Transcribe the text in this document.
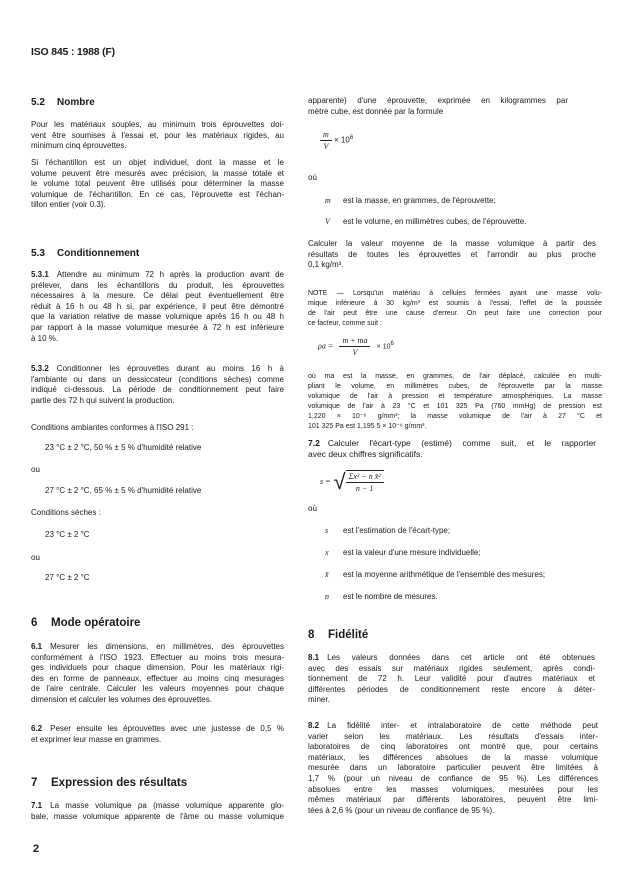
ISO 845 : 1988 (F)
5.2 Nombre
Pour les matériaux souples, au minimum trois éprouvettes doi-
vent être soumises à l'essai et, pour les matériaux rigides, au
minimum cinq éprouvettes.
Si l'échantillon est un objet individuel, dont la masse et le
volume peuvent être mesurés avec précision, la masse totale et
le volume total peuvent être utilisés pour déterminer la masse
volumique de l'échantillon. En ce cas, l'éprouvette est l'échan-
tillon entier (voir 0.3).
5.3 Conditionnement
5.3.1 Attendre au minimum 72 h après la production avant de
prélever, dans les échantillons du produit, les éprouvettes
nécessaires à la mesure. Ce délai peut éventuellement être
réduit à 16 h ou 48 h si, par expérience, il peut être démontré
que la variation relative de masse volumique après 16 h ou 48 h
par rapport à la masse volumique mesurée à 72 h est inférieure
à 10 %.
5.3.2 Conditionner les éprouvettes durant au moins 16 h à
l'ambiante ou dans un dessiccateur (conditions sèches) comme
indiqué ci-dessous. La période de conditionnement peut faire
partie des 72 h qui suivent la production.
Conditions ambiantes conformes à l'ISO 291 :
23 °C ± 2 °C, 50 % ± 5 % d'humidité relative
ou
27 °C ± 2 °C, 65 % ± 5 % d'humidité relative
Conditions sèches :
23 °C ± 2 °C
ou
27 °C ± 2 °C
6 Mode opératoire
6.1 Mesurer les dimensions, en millimètres, des éprouvettes
conformément à l'ISO 1923. Effectuer au moins trois mesura-
ges individuels pour chaque dimension. Pour les matériaux rigi-
des en forme de panneaux, effectuer au moins cinq mesurages
de l'aire centrale. Calculer les valeurs moyennes pour chaque
dimension et calculer les volumes des éprouvettes.
6.2 Peser ensuite les éprouvettes avec une justesse de 0,5 %
et exprimer leur masse en grammes.
7 Expression des résultats
7.1 La masse volumique ρa (masse volumique apparente glo-
bale, masse volumique apparente de l'âme ou masse volumique
2
apparente) d'une éprouvette, exprimée en kilogrammes par
mètre cube, est donnée par la formule
$\frac{m}{V} \times 10^6$
où
m est la masse, en grammes, de l'éprouvette;
V est le volume, en millimètres cubes, de l'éprouvette.
Calculer la valeur moyenne de la masse volumique à partir des
résultats de toutes les éprouvettes et l'arrondir au plus proche
0,1 kg/m³.
NOTE — Lorsqu'un matériau à cellules fermées ayant une masse volu-
mique inférieure à 30 kg/m³ est soumis à l'essai, l'effet de la poussée
de l'air peut être une cause d'erreur. On peut faire une correction pour
ce facteur, comme suit :
$\rho a = \frac{m + ma}{V} \times 10^6$
où ma est la masse, en grammes, de l'air déplacé, calculée en multi-
pliant le volume, en millimètres cubes, de l'éprouvette par la masse
volumique de l'air à pression et température atmosphériques. La masse
volumique de l'air à 23 °C et 101 325 Pa (760 mmHg) de pression est
1,220 × 10⁻⁶ g/mm³; la masse volumique de l'air à 27 °C et
101 325 Pa est 1,195 5 × 10⁻⁶ g/mm³.
7.2 Calculer l'écart-type (estimé) comme suit, et le rapporter
avec deux chiffres significatifs.
s = √ $\frac{\text{Σx² − n x̄²}}{n - 1}$
où
s est l'estimation de l'écart-type;
x est la valeur d'une mesure individuelle;
x̄ est la moyenne arithmétique de l'ensemble des mesures;
n est le nombre de mesures.
8 Fidélité
8.1 Les valeurs données dans cet article ont été obtenues
avec des essais sur matériaux rigides seulement, après condi-
tionnement de 72 h. Leur validité pour d'autres matériaux et
différentes périodes de conditionnement reste encore à déter-
miner.
8.2 La fidélité inter- et intralaboratoire de cette méthode peut
varier selon les matériaux. Les résultats d'essais inter-
laboratoires de cinq laboratoires ont montré que, pour certains
matériaux, les différences absolues de la masse volumique
mesurée dans un laboratoire particulier peuvent être limitées à
1,7 % (pour un niveau de confiance de 95 %). Les différences
absolues entre les masses volumiques, mesurées pour les
mêmes matériaux par différents laboratoires, peuvent être limi-
tées à 2,6 % (pour un niveau de confiance de 95 %).
